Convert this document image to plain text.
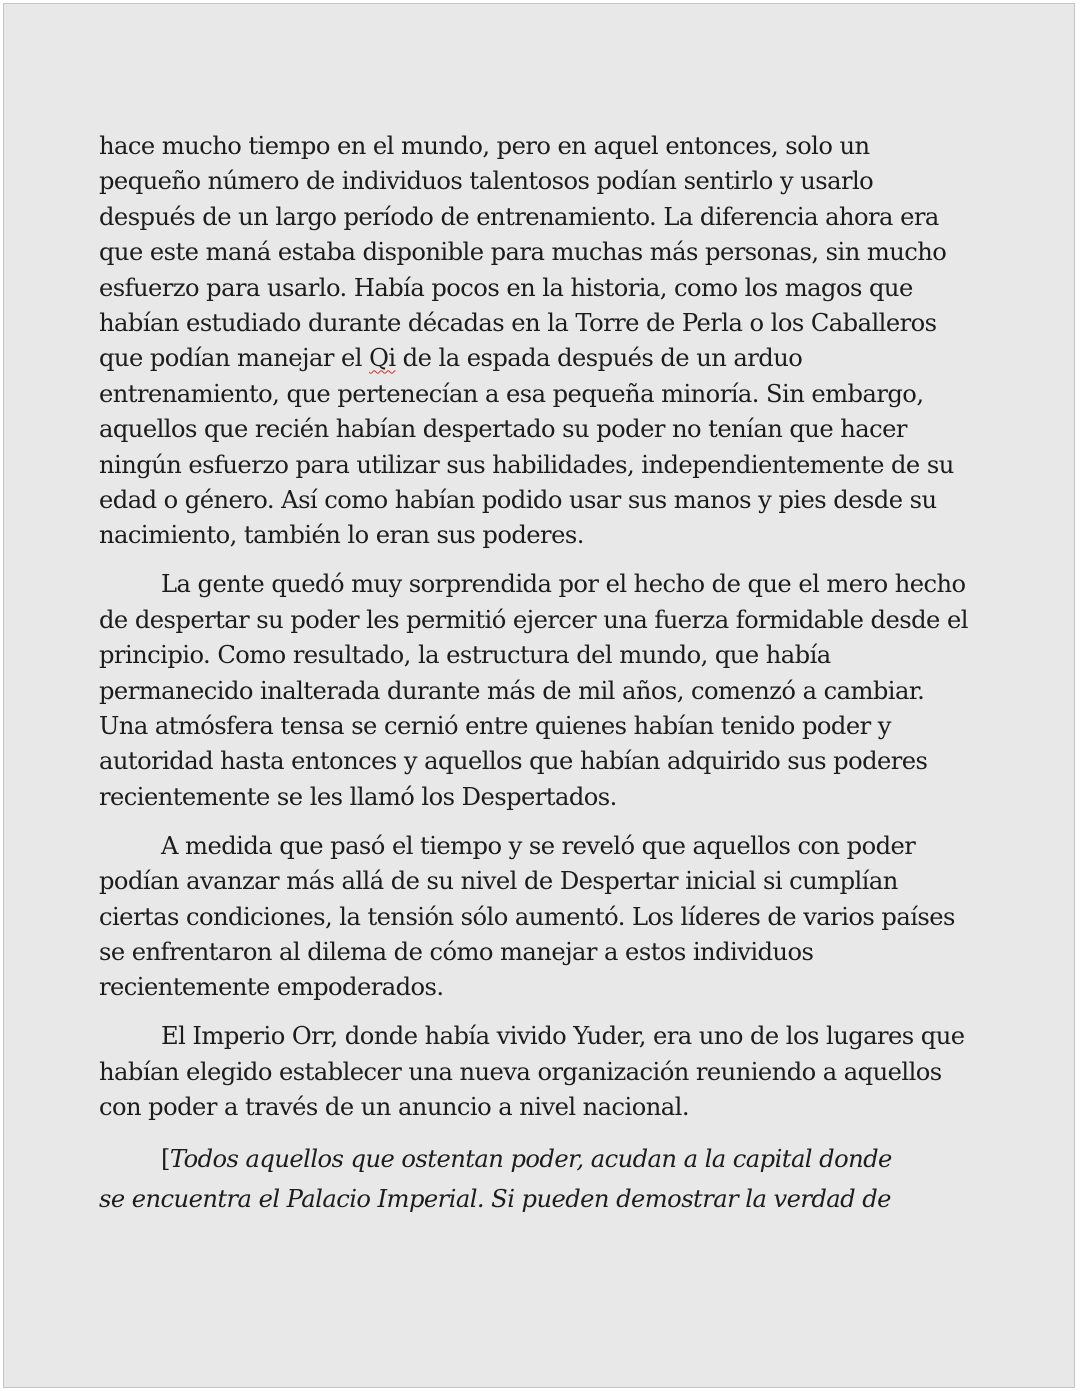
hace mucho tiempo en el mundo, pero en aquel entonces, solo un
pequeño número de individuos talentosos podían sentirlo y usarlo
después de un largo período de entrenamiento. La diferencia ahora era
que este maná estaba disponible para muchas más personas, sin mucho
esfuerzo para usarlo. Había pocos en la historia, como los magos que
habían estudiado durante décadas en la Torre de Perla o los Caballeros
que podían manejar el Qi de la espada después de un arduo
entrenamiento, que pertenecían a esa pequeña minoría. Sin embargo,
aquellos que recién habían despertado su poder no tenían que hacer
ningún esfuerzo para utilizar sus habilidades, independientemente de su
edad o género. Así como habían podido usar sus manos y pies desde su
nacimiento, también lo eran sus poderes.

La gente quedó muy sorprendida por el hecho de que el mero hecho
de despertar su poder les permitió ejercer una fuerza formidable desde el
principio. Como resultado, la estructura del mundo, que había
permanecido inalterada durante más de mil años, comenzó a cambiar.
Una atmósfera tensa se cernió entre quienes habían tenido poder y
autoridad hasta entonces y aquellos que habían adquirido sus poderes
recientemente se les llamó los Despertados.

A medida que pasó el tiempo y se reveló que aquellos con poder
podían avanzar más allá de su nivel de Despertar inicial si cumplían
ciertas condiciones, la tensión sólo aumentó. Los líderes de varios países
se enfrentaron al dilema de cómo manejar a estos individuos
recientemente empoderados.

El Imperio Orr, donde había vivido Yuder, era uno de los lugares que
habían elegido establecer una nueva organización reuniendo a aquellos
con poder a través de un anuncio a nivel nacional.

[Todos aquellos que ostentan poder, acudan a la capital donde
se encuentra el Palacio Imperial. Si pueden demostrar la verdad de
